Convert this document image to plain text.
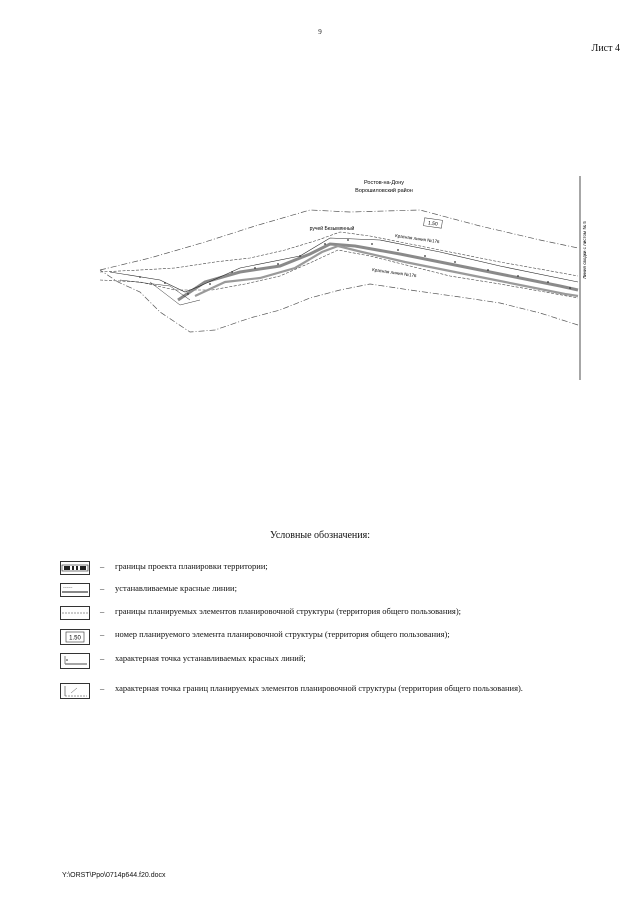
9
Лист 4
Ростов-на-Дону
Ворошиловский район
ручей Безымянный
Красная линия №176
Красная линия №176
1.50	Линия сводки с листом № 5
Условные обозначения:
– границы проекта планировки территории;
~~~~~	– устанавливаемые красные линии;
– границы планируемых элементов планировочной структуры (территория общего пользования);
1.50 – номер планируемого элемента планировочной структуры (территория общего пользования);
– характерная точка устанавливаемых красных линий;
– характерная точка границ планируемых элементов планировочной структуры (территория общего пользования).
Y:\ORST\Ppo\0714p644.f20.docx
